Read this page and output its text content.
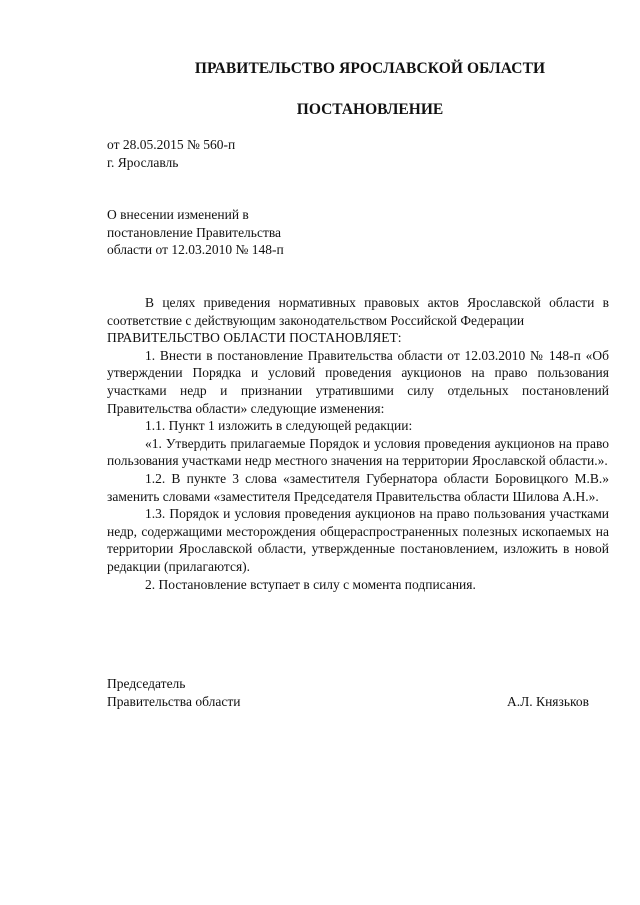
ПРАВИТЕЛЬСТВО ЯРОСЛАВСКОЙ ОБЛАСТИ
ПОСТАНОВЛЕНИЕ
от 28.05.2015 № 560-п
г. Ярославль
О внесении изменений в
постановление Правительства
области от 12.03.2010 № 148-п

В целях приведения нормативных правовых актов Ярославской области в соответствие с действующим законодательством Российской Федерации

ПРАВИТЕЛЬСТВО ОБЛАСТИ ПОСТАНОВЛЯЕТ:

1. Внести в постановление Правительства области от 12.03.2010 № 148-п «Об утверждении Порядка и условий проведения аукционов на право пользования участками недр и признании утратившими силу отдельных постановлений Правительства области» следующие изменения:

1.1. Пункт 1 изложить в следующей редакции:

«1. Утвердить прилагаемые Порядок и условия проведения аукционов на право пользования участками недр местного значения на территории Ярославской области.».

1.2. В пункте 3 слова «заместителя Губернатора области Боровицкого М.В.» заменить словами «заместителя Председателя Правительства области Шилова А.Н.».

1.3. Порядок и условия проведения аукционов на право пользования участками недр, содержащими месторождения общераспространенных полезных ископаемых на территории Ярославской области, утвержденные постановлением, изложить в новой редакции (прилагаются).

2. Постановление вступает в силу с момента подписания.

Председатель
Правительства области	А.Л. Князьков
